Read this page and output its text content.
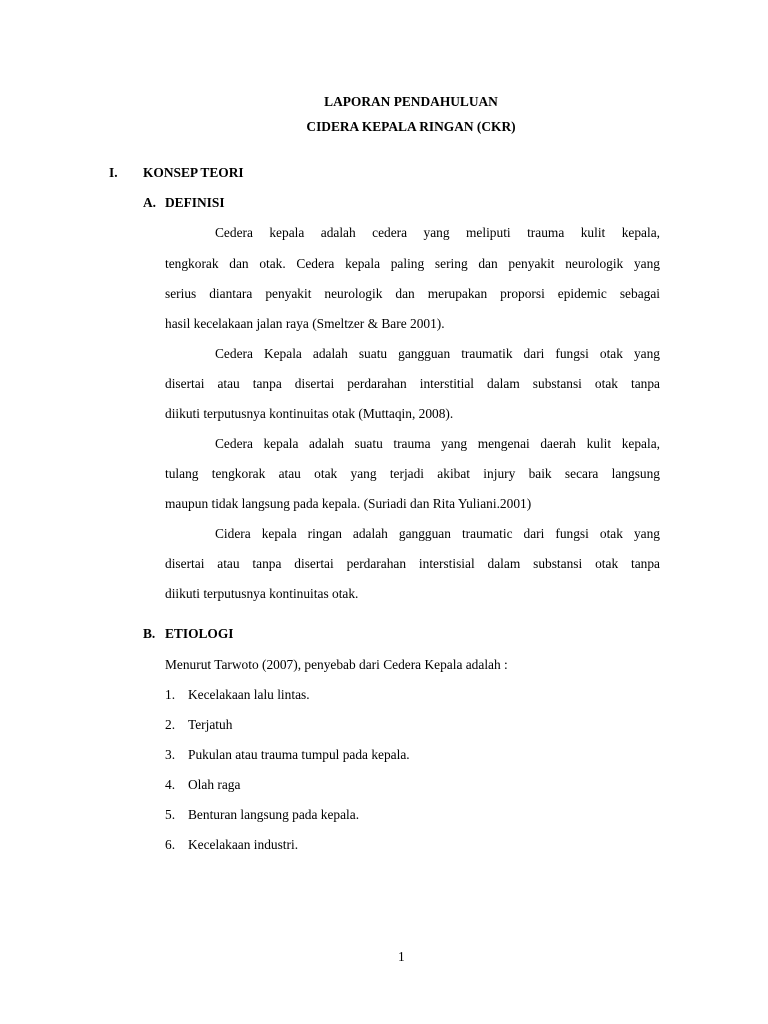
LAPORAN PENDAHULUAN
CIDERA KEPALA RINGAN (CKR)
I. KONSEP TEORI
A. DEFINISI
Cedera kepala adalah cedera yang meliputi trauma kulit kepala,
tengkorak dan otak. Cedera kepala paling sering dan penyakit neurologik yang
serius diantara penyakit neurologik dan merupakan proporsi epidemic sebagai
hasil kecelakaan jalan raya (Smeltzer & Bare 2001).
Cedera Kepala adalah suatu gangguan traumatik dari fungsi otak yang
disertai atau tanpa disertai perdarahan interstitial dalam substansi otak tanpa
diikuti terputusnya kontinuitas otak (Muttaqin, 2008).
Cedera kepala adalah suatu trauma yang mengenai daerah kulit kepala,
tulang tengkorak atau otak yang terjadi akibat injury baik secara langsung
maupun tidak langsung pada kepala. (Suriadi dan Rita Yuliani.2001)
Cidera kepala ringan adalah gangguan traumatic dari fungsi otak yang
disertai atau tanpa disertai perdarahan interstisial dalam substansi otak tanpa
diikuti terputusnya kontinuitas otak.
B. ETIOLOGI
Menurut Tarwoto (2007), penyebab dari Cedera Kepala adalah :
1. Kecelakaan lalu lintas.
2. Terjatuh
3. Pukulan atau trauma tumpul pada kepala.
4. Olah raga
5. Benturan langsung pada kepala.
6. Kecelakaan industri.
1
